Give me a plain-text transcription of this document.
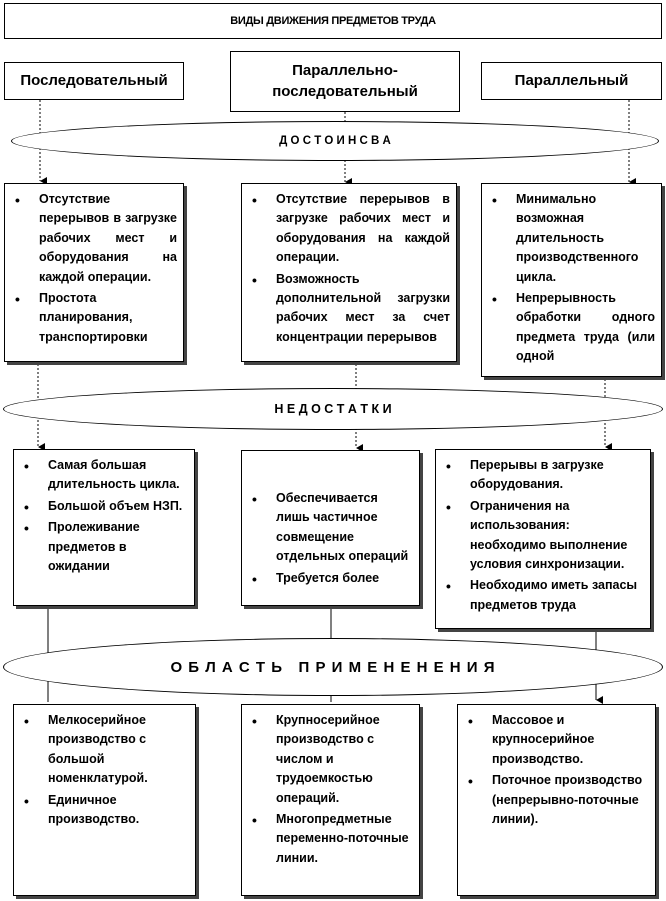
ВИДЫ ДВИЖЕНИЯ ПРЕДМЕТОВ ТРУДА
Последовательный
Параллельно-последовательный
Параллельный
Д О С Т О И Н С В А
• Отсутствие перерывов в загрузке рабочих мест и оборудования на каждой операции.
• Простота планирования, транспортировки
• Отсутствие перерывов в загрузке рабочих мест и оборудования на каждой операции.
• Возможность дополнительной загрузки рабочих мест за счет концентрации перерывов
• Минимально возможная длительность производственного цикла.
• Непрерывность обработки одного предмета труда (или одной
Н Е Д О С Т А Т К И
• Самая большая длительность цикла.
• Большой объем НЗП.
• Пролеживание предметов в ожидании
• Обеспечивается лишь частичное совмещение отдельных операций
• Требуется более
• Перерывы в загрузке оборудования.
• Ограничения на использования: необходимо выполнение условия синхронизации.
• Необходимо иметь запасы предметов труда
О Б Л А С Т Ь   П Р И М Е Н Е Н Е Н И Я
• Мелкосерийное производство с большой номенклатурой.
• Единичное производство.
• Крупносерийное производство с числом и трудоемкостью операций.
• Многопредметные переменно-поточные линии.
• Массовое и крупносерийное производство.
• Поточное производство (непрерывно-поточные линии).
